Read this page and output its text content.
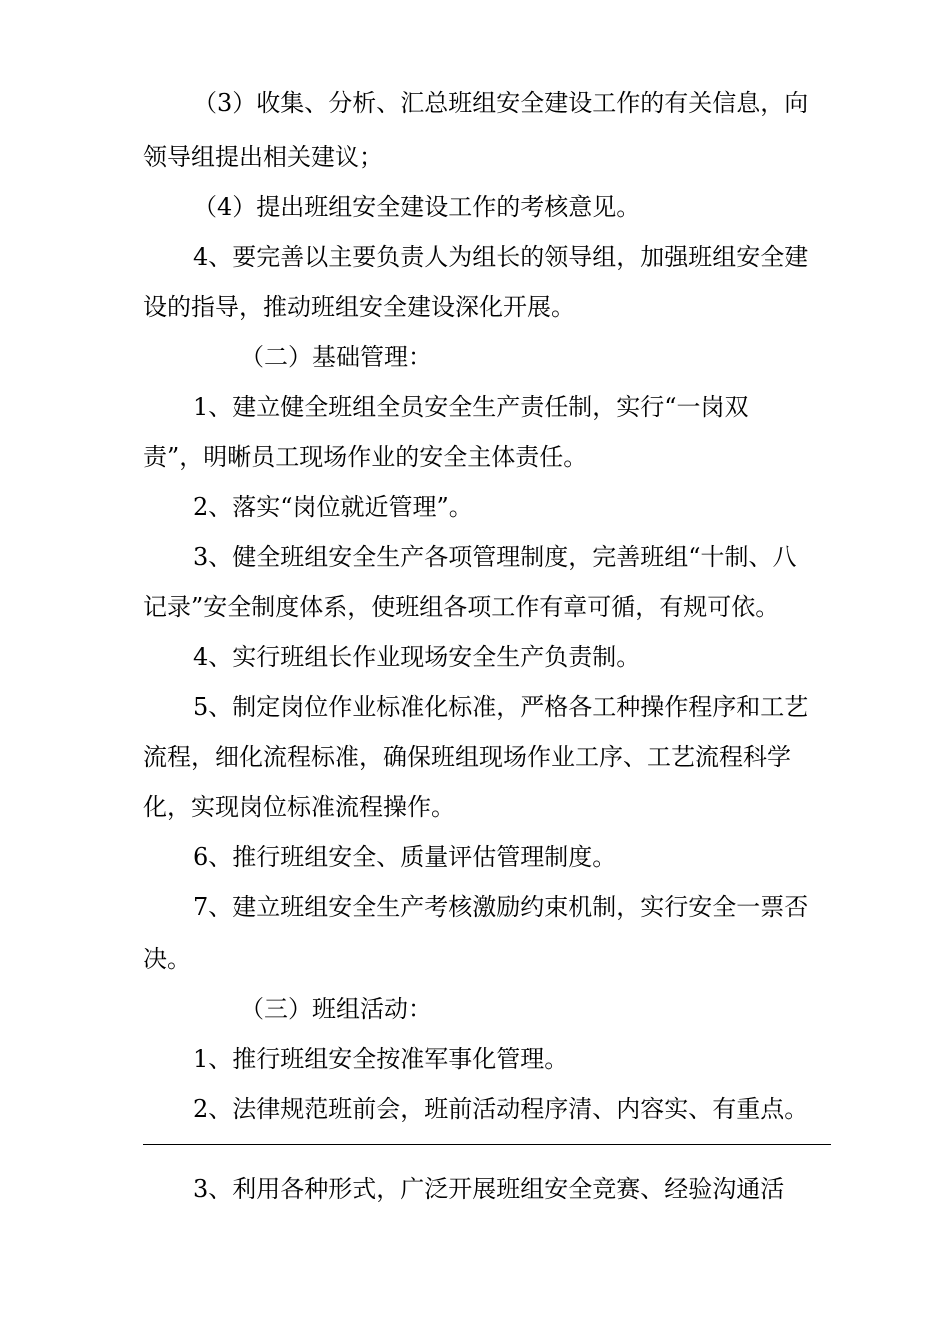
（3）收集、分析、汇总班组安全建设工作的有关信息，向
领导组提出相关建议；
（4）提出班组安全建设工作的考核意见。
4、要完善以主要负责人为组长的领导组，加强班组安全建
设的指导，推动班组安全建设深化开展。
（二）基础管理：
1、建立健全班组全员安全生产责任制，实行“一岗双
责”，明晰员工现场作业的安全主体责任。
2、落实“岗位就近管理”。
3、健全班组安全生产各项管理制度，完善班组“十制、八
记录”安全制度体系，使班组各项工作有章可循，有规可依。
4、实行班组长作业现场安全生产负责制。
5、制定岗位作业标准化标准，严格各工种操作程序和工艺
流程，细化流程标准，确保班组现场作业工序、工艺流程科学
化，实现岗位标准流程操作。
6、推行班组安全、质量评估管理制度。
7、建立班组安全生产考核激励约束机制，实行安全一票否
决。
（三）班组活动：
1、推行班组安全按准军事化管理。
2、法律规范班前会，班前活动程序清、内容实、有重点。
3、利用各种形式，广泛开展班组安全竞赛、经验沟通活
